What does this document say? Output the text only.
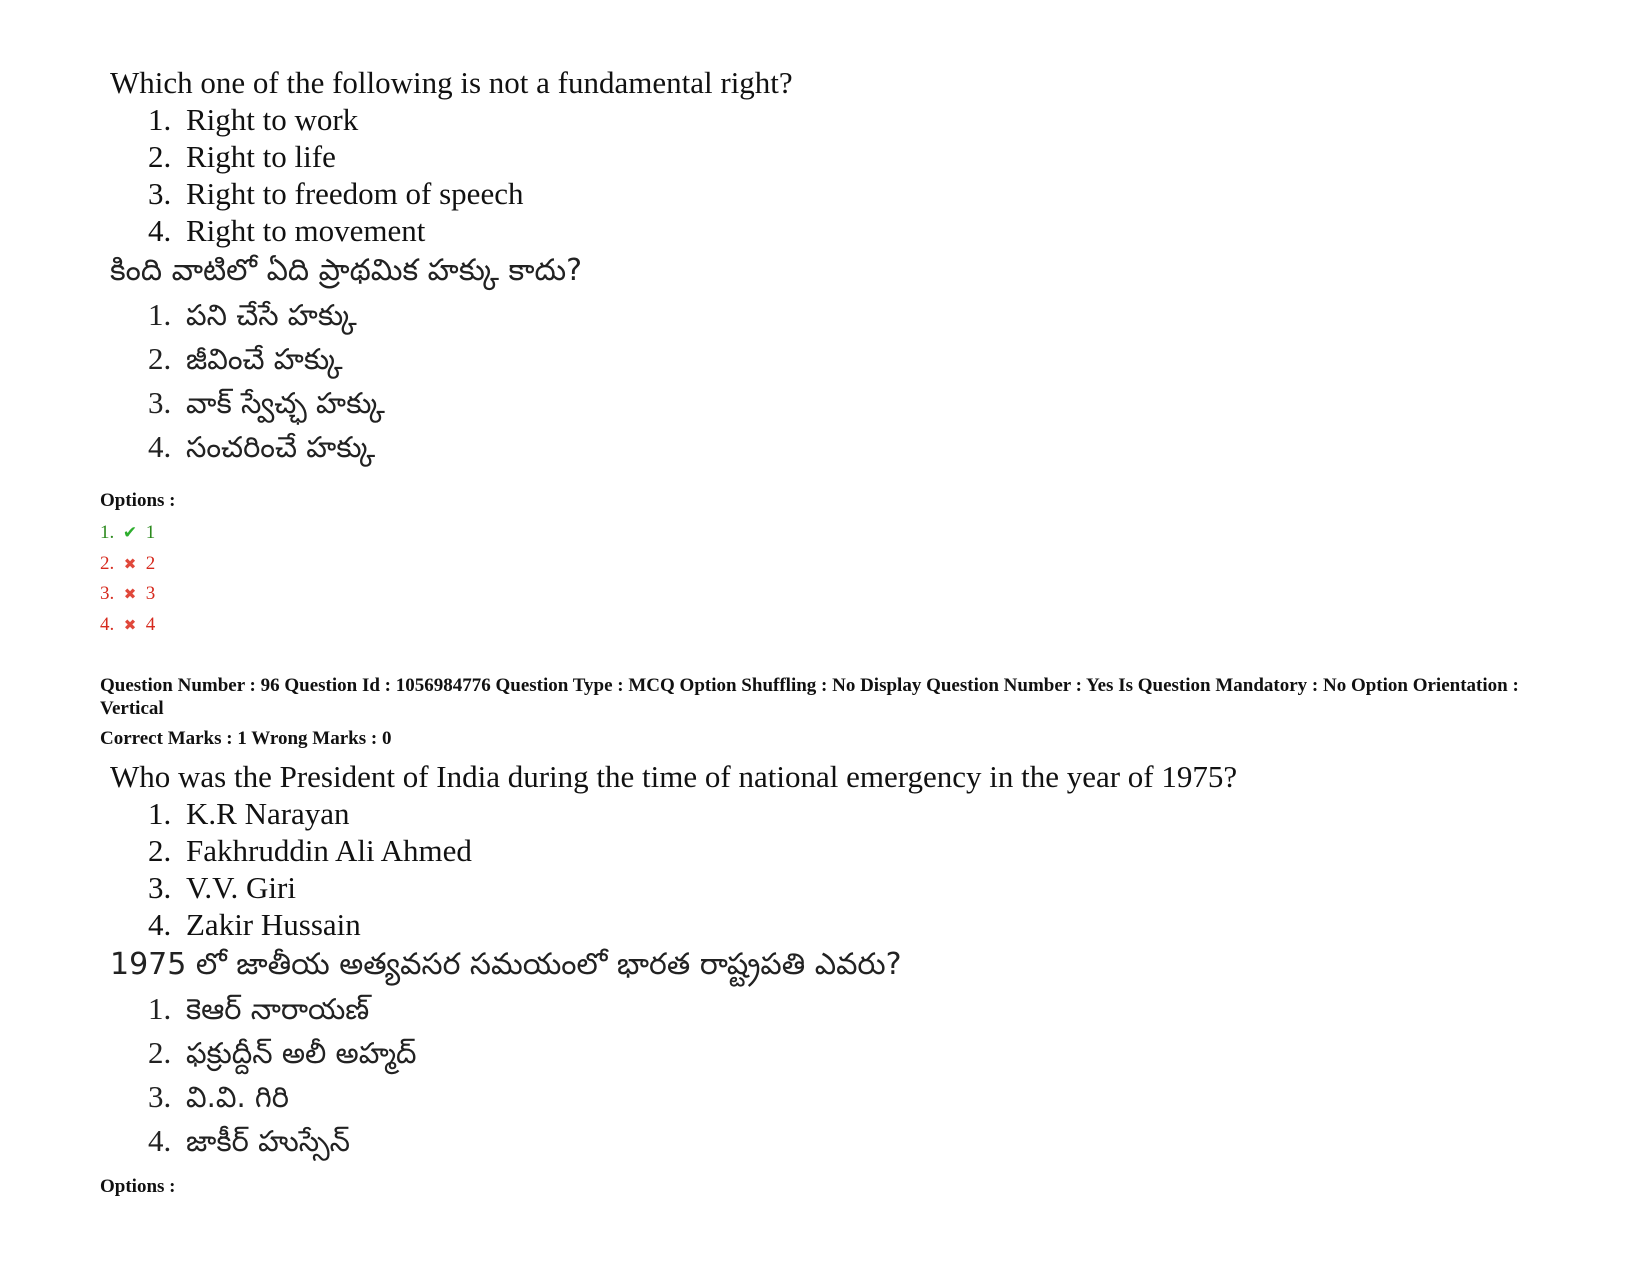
Which one of the following is not a fundamental right?
1. Right to work
2. Right to life
3. Right to freedom of speech
4. Right to movement
కింది వాటిలో ఏది ప్రాథమిక హక్కు కాదు?
1. పని చేసే హక్కు
2. జీవించే హక్కు
3. వాక్ స్వేచ్ఛ హక్కు
4. సంచరించే హక్కు
Options :
1. ✔ 1
2. ✖ 2
3. ✖ 3
4. ✖ 4
Question Number : 96 Question Id : 1056984776 Question Type : MCQ Option Shuffling : No Display Question Number : Yes Is Question Mandatory : No Option Orientation : Vertical
Correct Marks : 1 Wrong Marks : 0
Who was the President of India during the time of national emergency in the year of 1975?
1. K.R Narayan
2. Fakhruddin Ali Ahmed
3. V.V. Giri
4. Zakir Hussain
1975 లో జాతీయ అత్యవసర సమయంలో భారత రాష్ట్రపతి ఎవరు?
1. కెఆర్ నారాయణ్
2. ఫక్రుద్దీన్ అలీ అహ్మద్
3. వి.వి. గిరి
4. జాకీర్ హుస్సేన్
Options :
